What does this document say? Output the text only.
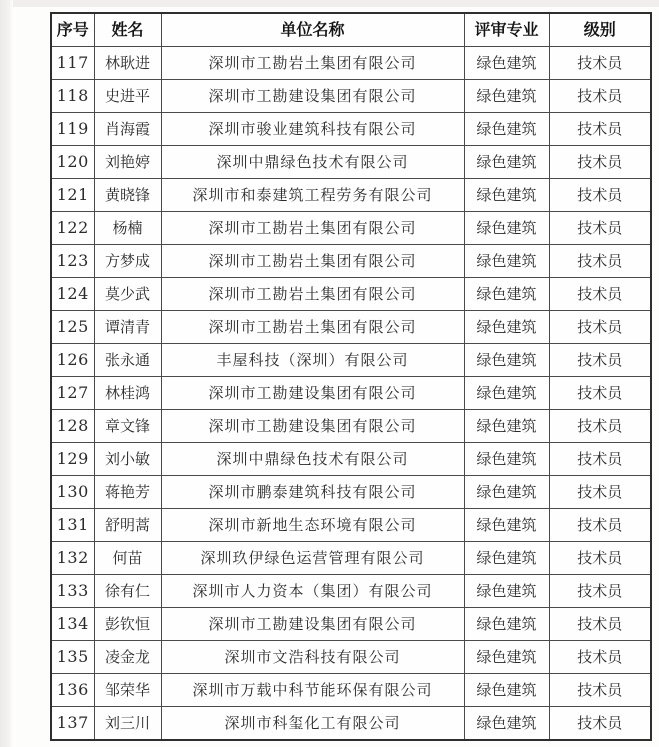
序号	姓名	单位名称	评审专业	级别
117	林耿进	深圳市工勘岩土集团有限公司	绿色建筑	技术员
118	史进平	深圳市工勘建设集团有限公司	绿色建筑	技术员
119	肖海霞	深圳市骏业建筑科技有限公司	绿色建筑	技术员
120	刘艳婷	深圳中鼎绿色技术有限公司	绿色建筑	技术员
121	黄晓锋	深圳市和泰建筑工程劳务有限公司	绿色建筑	技术员
122	杨楠	深圳市工勘岩土集团有限公司	绿色建筑	技术员
123	方梦成	深圳市工勘岩土集团有限公司	绿色建筑	技术员
124	莫少武	深圳市工勘岩土集团有限公司	绿色建筑	技术员
125	谭清青	深圳市工勘岩土集团有限公司	绿色建筑	技术员
126	张永通	丰屋科技（深圳）有限公司	绿色建筑	技术员
127	林桂鸿	深圳市工勘建设集团有限公司	绿色建筑	技术员
128	章文锋	深圳市工勘建设集团有限公司	绿色建筑	技术员
129	刘小敏	深圳中鼎绿色技术有限公司	绿色建筑	技术员
130	蒋艳芳	深圳市鹏泰建筑科技有限公司	绿色建筑	技术员
131	舒明蒿	深圳市新地生态环境有限公司	绿色建筑	技术员
132	何苗	深圳玖伊绿色运营管理有限公司	绿色建筑	技术员
133	徐有仁	深圳市人力资本（集团）有限公司	绿色建筑	技术员
134	彭钦恒	深圳市工勘建设集团有限公司	绿色建筑	技术员
135	凌金龙	深圳市文浩科技有限公司	绿色建筑	技术员
136	邹荣华	深圳市万载中科节能环保有限公司	绿色建筑	技术员
137	刘三川	深圳市科玺化工有限公司	绿色建筑	技术员
